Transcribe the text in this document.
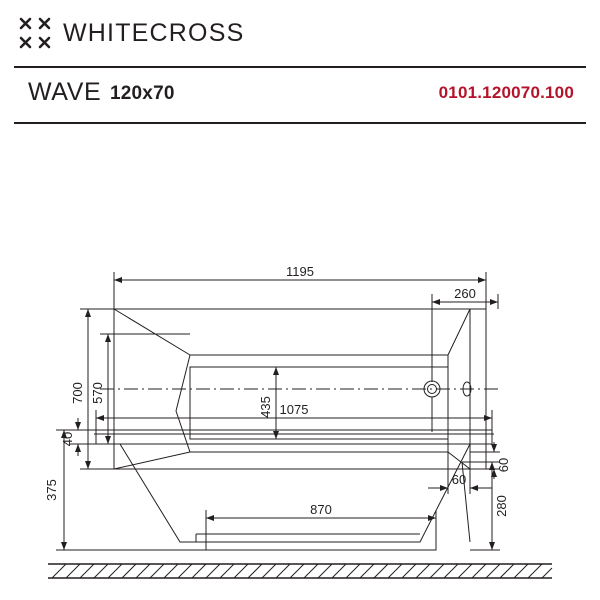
WHITECROSS
WAVE 120x70	0101.120070.100
1195
260
700 570
435
60
60
40
1075
375
870	280
